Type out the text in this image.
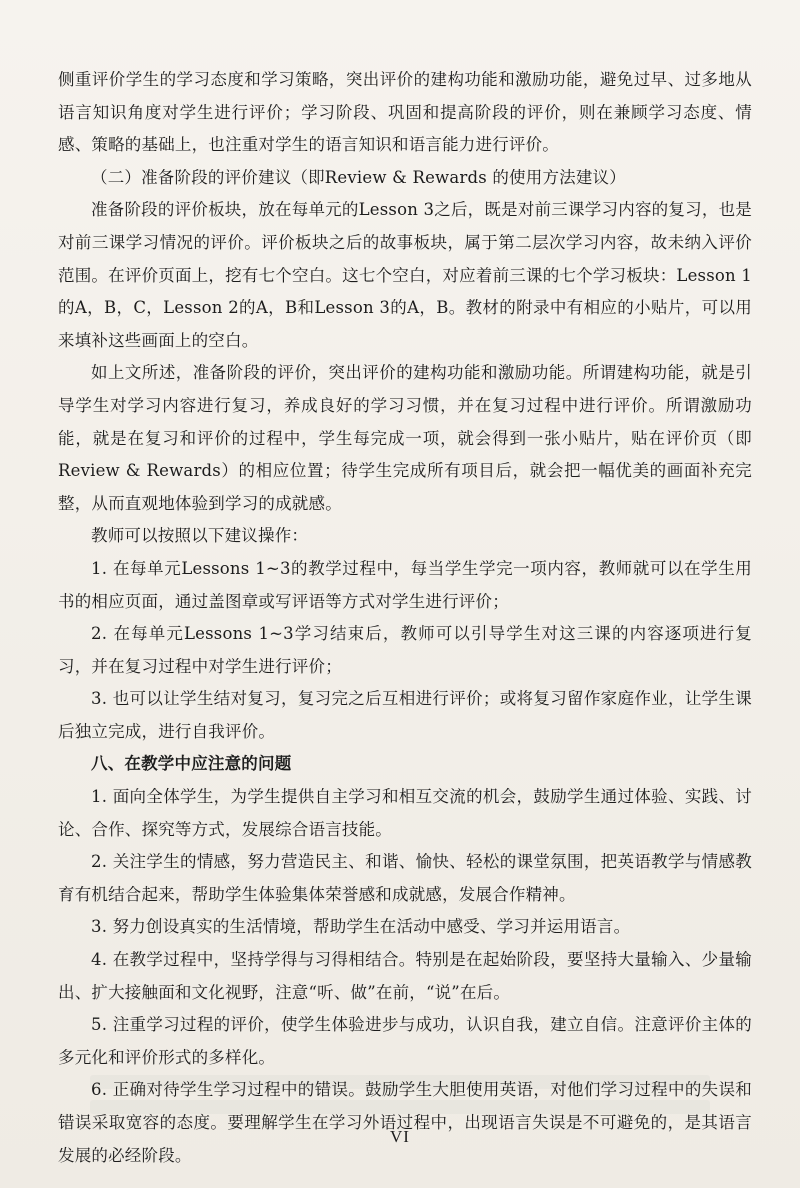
侧重评价学生的学习态度和学习策略，突出评价的建构功能和激励功能，避免过早、过多地从语言知识角度对学生进行评价；学习阶段、巩固和提高阶段的评价，则在兼顾学习态度、情感、策略的基础上，也注重对学生的语言知识和语言能力进行评价。

（二）准备阶段的评价建议（即Review & Rewards 的使用方法建议）

准备阶段的评价板块，放在每单元的Lesson 3之后，既是对前三课学习内容的复习，也是对前三课学习情况的评价。评价板块之后的故事板块，属于第二层次学习内容，故未纳入评价范围。在评价页面上，挖有七个空白。这七个空白，对应着前三课的七个学习板块：Lesson 1的A，B，C，Lesson 2的A，B和Lesson 3的A，B。教材的附录中有相应的小贴片，可以用来填补这些画面上的空白。

如上文所述，准备阶段的评价，突出评价的建构功能和激励功能。所谓建构功能，就是引导学生对学习内容进行复习，养成良好的学习习惯，并在复习过程中进行评价。所谓激励功能，就是在复习和评价的过程中，学生每完成一项，就会得到一张小贴片，贴在评价页（即Review & Rewards）的相应位置；待学生完成所有项目后，就会把一幅优美的画面补充完整，从而直观地体验到学习的成就感。

教师可以按照以下建议操作：

1. 在每单元Lessons 1~3的教学过程中，每当学生学完一项内容，教师就可以在学生用书的相应页面，通过盖图章或写评语等方式对学生进行评价；

2. 在每单元Lessons 1~3学习结束后，教师可以引导学生对这三课的内容逐项进行复习，并在复习过程中对学生进行评价；

3. 也可以让学生结对复习，复习完之后互相进行评价；或将复习留作家庭作业，让学生课后独立完成，进行自我评价。

八、在教学中应注意的问题

1. 面向全体学生，为学生提供自主学习和相互交流的机会，鼓励学生通过体验、实践、讨论、合作、探究等方式，发展综合语言技能。

2. 关注学生的情感，努力营造民主、和谐、愉快、轻松的课堂氛围，把英语教学与情感教育有机结合起来，帮助学生体验集体荣誉感和成就感，发展合作精神。

3. 努力创设真实的生活情境，帮助学生在活动中感受、学习并运用语言。

4. 在教学过程中，坚持学得与习得相结合。特别是在起始阶段，要坚持大量输入、少量输出、扩大接触面和文化视野，注意“听、做”在前，“说”在后。

5. 注重学习过程的评价，使学生体验进步与成功，认识自我，建立自信。注意评价主体的多元化和评价形式的多样化。

6. 正确对待学生学习过程中的错误。鼓励学生大胆使用英语，对他们学习过程中的失误和错误采取宽容的态度。要理解学生在学习外语过程中，出现语言失误是不可避免的，是其语言发展的必经阶段。

VI
